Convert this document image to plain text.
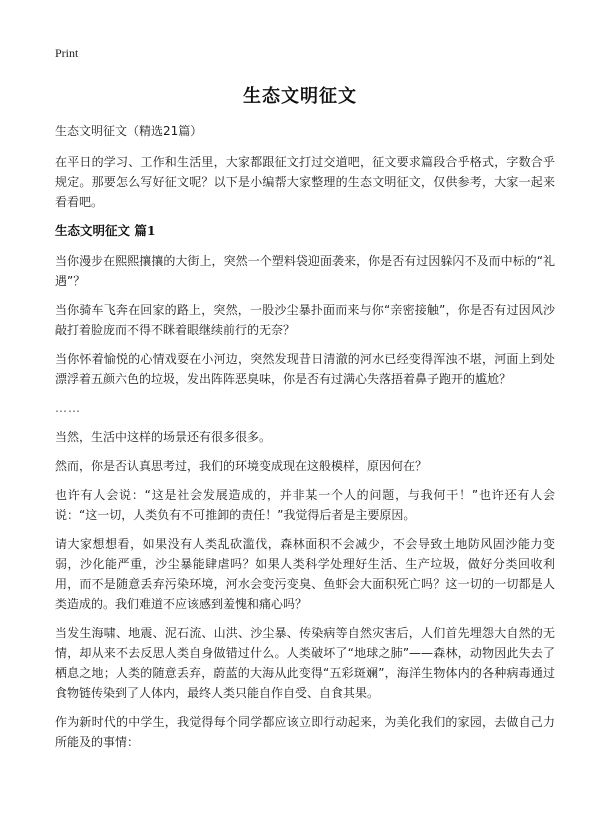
Print
生态文明征文

生态文明征文（精选21篇）

在平日的学习、工作和生活里，大家都跟征文打过交道吧，征文要求篇段合乎格式，字数合乎规定。那要怎么写好征文呢？以下是小编帮大家整理的生态文明征文，仅供参考，大家一起来看看吧。

生态文明征文 篇1

当你漫步在熙熙攘攘的大街上，突然一个塑料袋迎面袭来，你是否有过因躲闪不及而中标的“礼遇”？

当你骑车飞奔在回家的路上，突然，一股沙尘暴扑面而来与你“亲密接触”，你是否有过因风沙敲打着脸庞而不得不眯着眼继续前行的无奈？

当你怀着愉悦的心情戏耍在小河边，突然发现昔日清澈的河水已经变得浑浊不堪，河面上到处漂浮着五颜六色的垃圾，发出阵阵恶臭味，你是否有过满心失落捂着鼻子跑开的尴尬？

……

当然，生活中这样的场景还有很多很多。

然而，你是否认真思考过，我们的环境变成现在这般模样，原因何在？

也许有人会说：“这是社会发展造成的，并非某一个人的问题，与我何干！”也许还有人会说：“这一切，人类负有不可推卸的责任！”我觉得后者是主要原因。

请大家想想看，如果没有人类乱砍滥伐，森林面积不会减少，不会导致土地防风固沙能力变弱，沙化能严重，沙尘暴能肆虐吗？如果人类科学处理好生活、生产垃圾，做好分类回收利用，而不是随意丢弃污染环境，河水会变污变臭、鱼虾会大面积死亡吗？这一切的一切都是人类造成的。我们难道不应该感到羞愧和痛心吗？

当发生海啸、地震、泥石流、山洪、沙尘暴、传染病等自然灾害后，人们首先埋怨大自然的无情，却从来不去反思人类自身做错过什么。人类破坏了“地球之肺”——森林，动物因此失去了栖息之地；人类的随意丢弃，蔚蓝的大海从此变得“五彩斑斓”，海洋生物体内的各种病毒通过食物链传染到了人体内，最终人类只能自作自受、自食其果。

作为新时代的中学生，我觉得每个同学都应该立即行动起来，为美化我们的家园，去做自己力所能及的事情：
